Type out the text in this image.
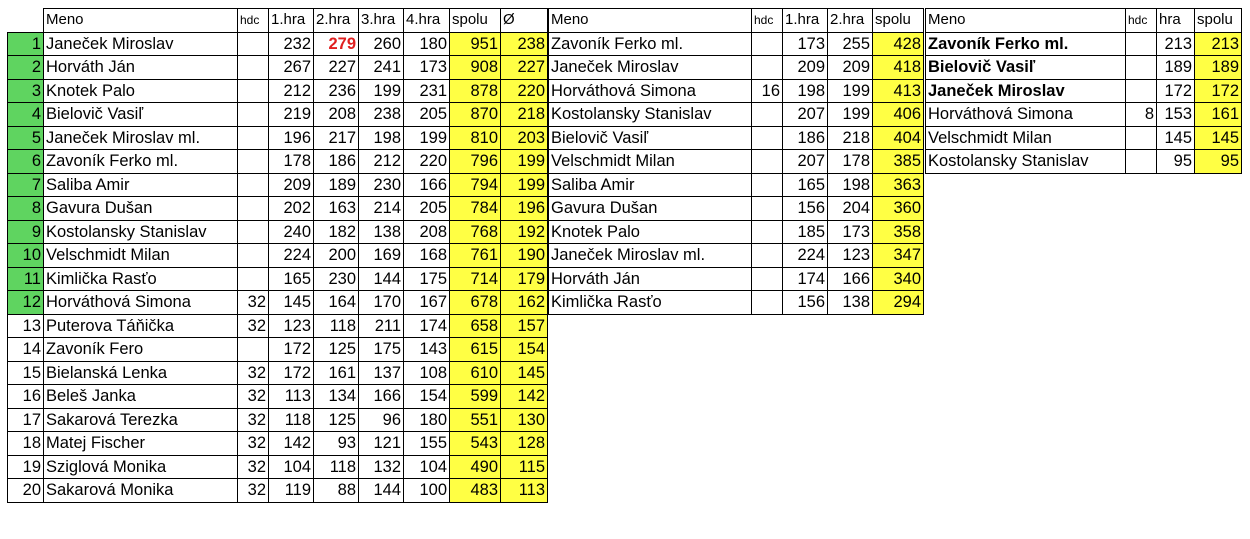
	Meno	hdc	1.hra	2.hra	3.hra	4.hra	spolu	Ø
1	Janeček Miroslav		232	279	260	180	951	238
2	Horváth Ján		267	227	241	173	908	227
3	Knotek Palo		212	236	199	231	878	220
4	Bielovič Vasiľ		219	208	238	205	870	218
5	Janeček Miroslav ml.		196	217	198	199	810	203
6	Zavoník Ferko ml.		178	186	212	220	796	199
7	Saliba Amir		209	189	230	166	794	199
8	Gavura Dušan		202	163	214	205	784	196
9	Kostolansky Stanislav		240	182	138	208	768	192
10	Velschmidt Milan		224	200	169	168	761	190
11	Kimlička Rasťo		165	230	144	175	714	179
12	Horváthová Simona	32	145	164	170	167	678	162
13	Puterova Táňička	32	123	118	211	174	658	157
14	Zavoník Fero		172	125	175	143	615	154
15	Bielanská Lenka	32	172	161	137	108	610	145
16	Beleš Janka	32	113	134	166	154	599	142
17	Sakarová Terezka	32	118	125	96	180	551	130
18	Matej Fischer	32	142	93	121	155	543	128
19	Sziglová Monika	32	104	118	132	104	490	115
20	Sakarová Monika	32	119	88	144	100	483	113
Meno	hdc	1.hra	2.hra	spolu
Zavoník Ferko ml.		173	255	428
Janeček Miroslav		209	209	418
Horváthová Simona	16	198	199	413
Kostolansky Stanislav		207	199	406
Bielovič Vasiľ		186	218	404
Velschmidt Milan		207	178	385
Saliba Amir		165	198	363
Gavura Dušan		156	204	360
Knotek Palo		185	173	358
Janeček Miroslav ml.		224	123	347
Horváth Ján		174	166	340
Kimlička Rasťo		156	138	294
Meno	hdc	hra	spolu
Zavoník Ferko ml.		213	213
Bielovič Vasiľ		189	189
Janeček Miroslav		172	172
Horváthová Simona	8	153	161
Velschmidt Milan		145	145
Kostolansky Stanislav		95	95
